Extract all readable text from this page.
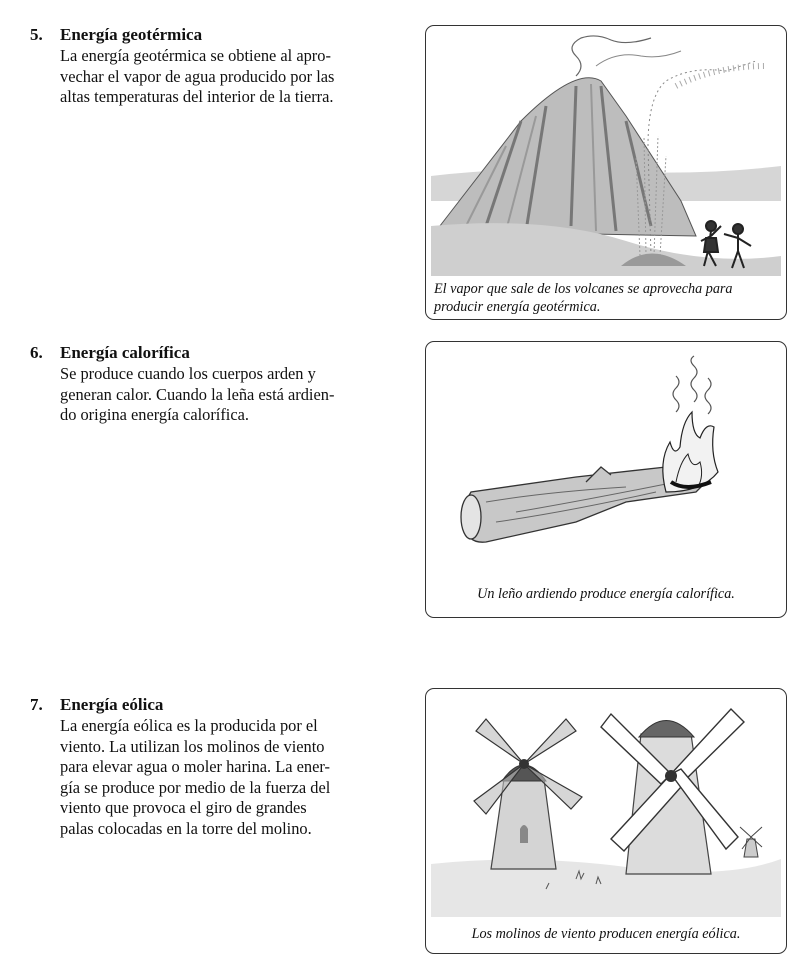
5.	Energía geotérmica
La energía geotérmica se obtiene al apro-
vechar el vapor de agua producido por las
altas temperaturas del interior de la tierra.
El vapor que sale de los volcanes se aprovecha para
producir energía geotérmica.
6.	Energía calorífica
Se produce cuando los cuerpos arden y
generan calor. Cuando la leña está ardien-
do origina energía calorífica.
Un leño ardiendo produce energía calorífica.
7.	Energía eólica
La energía eólica es la producida por el
viento. La utilizan los molinos de viento
para elevar agua o moler harina. La ener-
gía se produce por medio de la fuerza del
viento que provoca el giro de grandes
palas colocadas en la torre del molino.
Los molinos de viento producen energía eólica.
